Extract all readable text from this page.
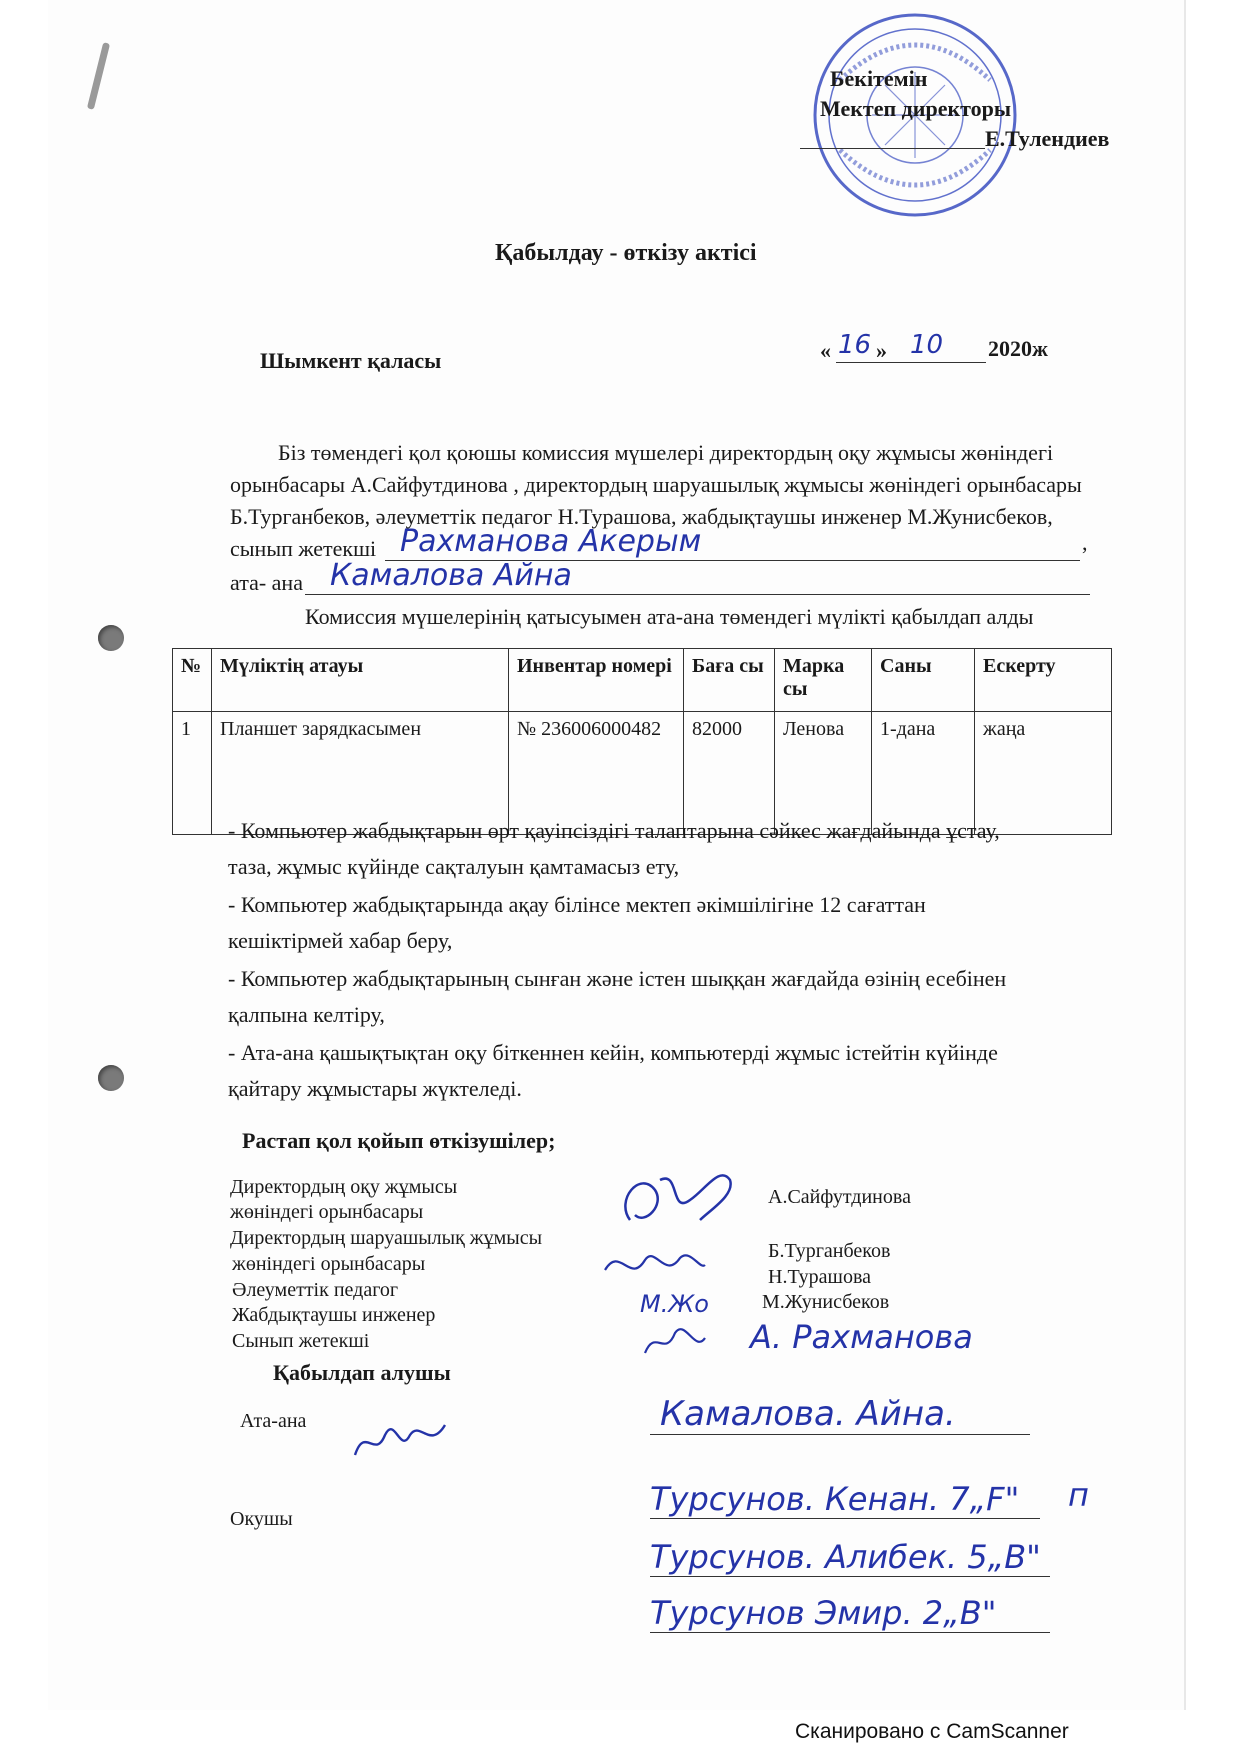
Бекітемін
Мектеп директоры
Е.Тулендиев
Қабылдау - өткізу актісі
Шымкент қаласы	« 16 » 10 2020ж
Біз төмендегі қол қоюшы комиссия мүшелері директордың оқу жұмысы жөніндегі
орынбасары А.Сайфутдинова , директордың шаруашылық жұмысы жөніндегі орынбасары
Б.Турганбеков, әлеуметтік педагог Н.Турашова, жабдықтаушы инженер М.Жунисбеков,
сынып жетекші Рахманова Акерым	,
ата- ана Камалова Айна
Комиссия мүшелерінің қатысуымен ата-ана төмендегі мүлікті қабылдап алды
№	Мүліктің атауы	Инвентар номері	Баға сы	Марка сы	Саны	Ескерту
1	Планшет зарядкасымен	№ 236006000482	82000	Ленова	1-дана	жаңа
- Компьютер жабдықтарын өрт қауіпсіздігі талаптарына сәйкес жағдайында ұстау,
таза, жұмыс күйінде сақталуын қамтамасыз ету,
- Компьютер жабдықтарында ақау білінсе мектеп әкімшілігіне 12 сағаттан
кешіктірмей хабар беру,
- Компьютер жабдықтарының сынған және істен шыққан жағдайда өзінің есебінен
қалпына келтіру,
- Ата-ана қашықтықтан оқу біткеннен кейін, компьютерді жұмыс істейтін күйінде
қайтару жұмыстары жүктеледі.
Растап қол қойып өткізушілер;
Директордың оқу жұмысы
жөніндегі орынбасары
Директордың шаруашылық жұмысы
жөніндегі орынбасары
Әлеуметтік педагог
Жабдықтаушы инженер
Сынып жетекші
А.Сайфутдинова
Б.Турганбеков
Н.Турашова
М.Жунисбеков
М.Жо
А. Рахманова
Қабылдап алушы
Ата-ана	Камалова. Айна.
Окушы
Турсунов. Кенан. 7„F" п
Турсунов. Алибек. 5„В"
Турсунов Эмир. 2„В"
Сканировано с CamScanner
